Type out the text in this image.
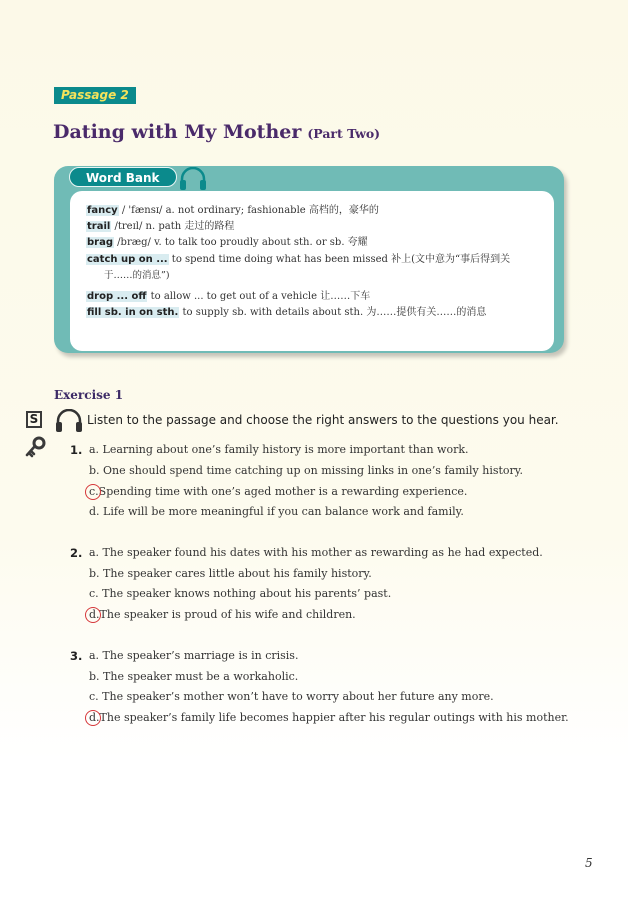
Passage 2
Dating with My Mother (Part Two)
Word Bank
fancy / 'fænsɪ/ a. not ordinary; fashionable 高档的，豪华的
trail /treɪl/ n. path 走过的路程
brag /bræg/ v. to talk too proudly about sth. or sb. 夸耀
catch up on ... to spend time doing what has been missed 补上(文中意为“事后得到关
于……的消息”)
drop ... off to allow ... to get out of a vehicle 让……下车
fill sb. in on sth. to supply sb. with details about sth. 为……提供有关……的消息
Exercise 1
S	Listen to the passage and choose the right answers to the questions you hear.
1. a. Learning about one’s family history is more important than work.
b. One should spend time catching up on missing links in one’s family history.
c.Spending time with one’s aged mother is a rewarding experience.
d. Life will be more meaningful if you can balance work and family.
2. a. The speaker found his dates with his mother as rewarding as he had expected.
b. The speaker cares little about his family history.
c. The speaker knows nothing about his parents’ past.
d.The speaker is proud of his wife and children.
3. a. The speaker’s marriage is in crisis.
b. The speaker must be a workaholic.
c. The speaker’s mother won’t have to worry about her future any more.
d.The speaker’s family life becomes happier after his regular outings with his mother.
5
